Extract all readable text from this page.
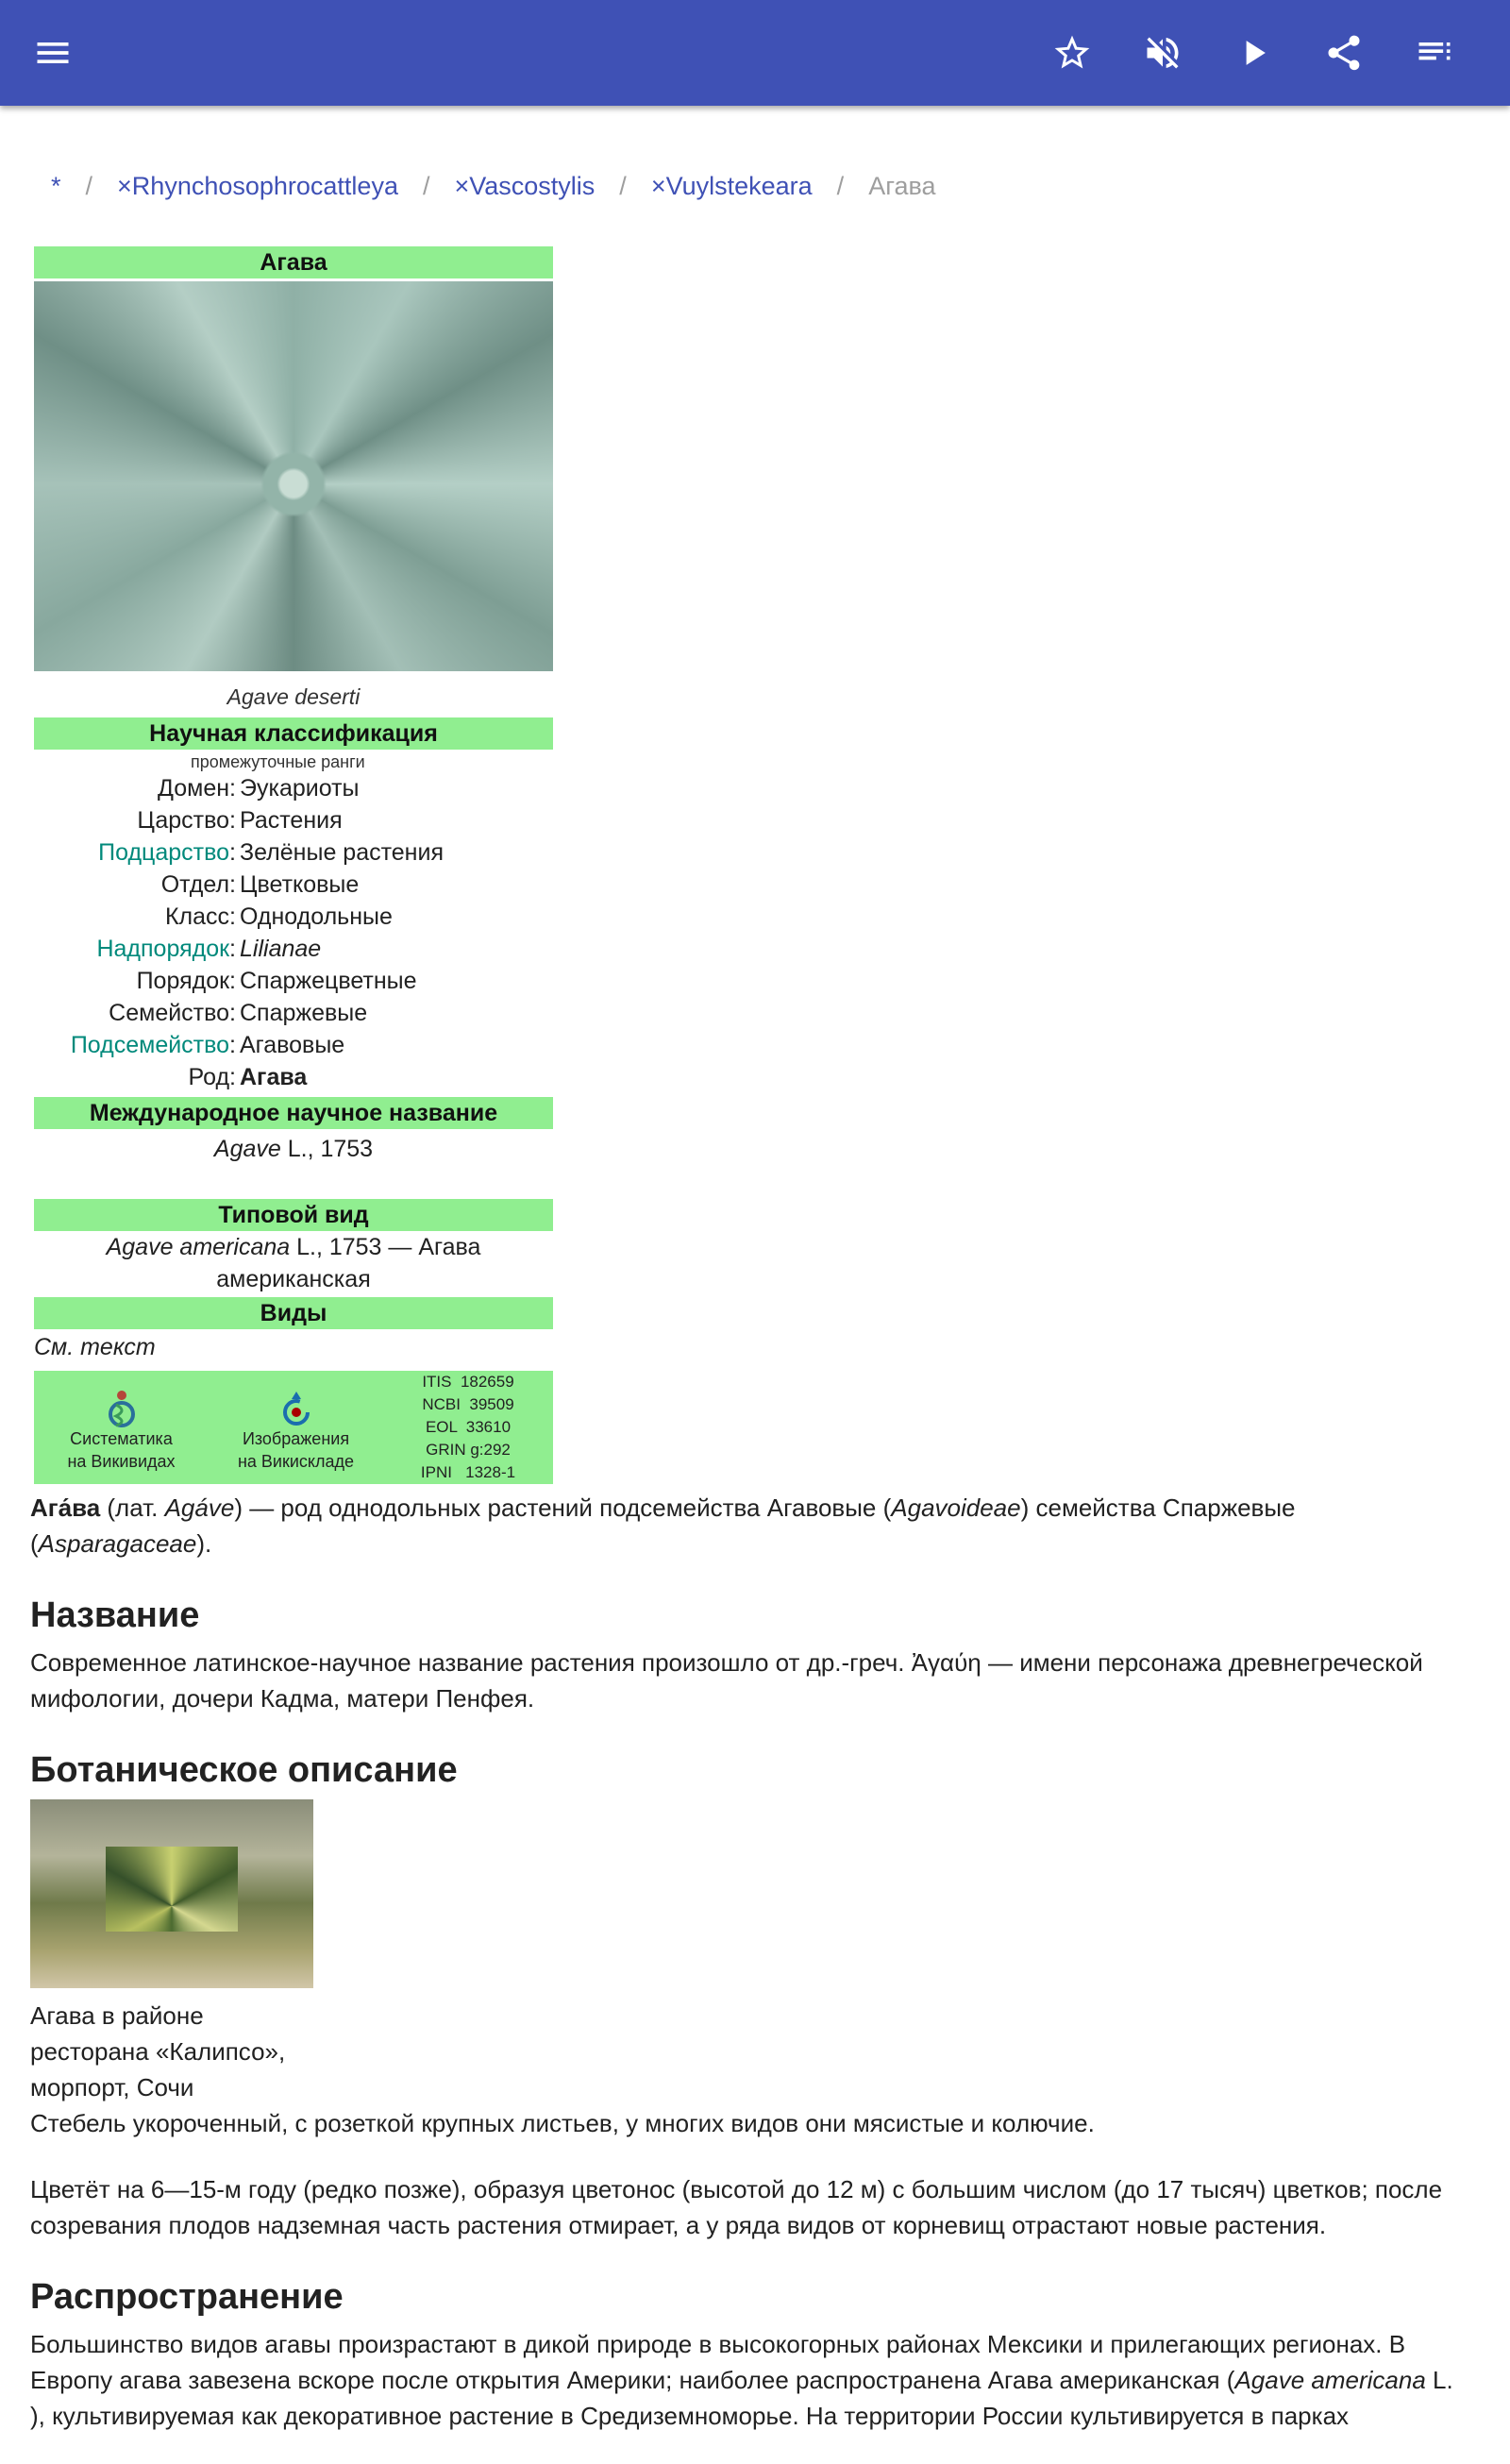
* / ×Rhynchosophrocattleya / ×Vascostylis / ×Vuylstekeara / Агава
Агава
Agave deserti
Научная классификация
промежуточные ранги
Домен: Эукариоты
Царство: Растения
Подцарство: Зелёные растения
Отдел: Цветковые
Класс: Однодольные
Надпорядок: Lilianae
Порядок: Спаржецветные
Семейство: Спаржевые
Подсемейство: Агавовые
Род: Агава
Международное научное название
Agave L., 1753
Типовой вид
Agave americana L., 1753 — Агава американская
Виды
См. текст
Систематика
на Викивидах
Изображения
на Викискладе
ITIS  182659
NCBI  39509
EOL  33610
GRIN g:292
IPNI   1328-1

Ага́ва (лат. Agáve) — род однодольных растений подсемейства Агавовые (Agavoideae) семейства Спаржевые (Asparagaceae).

Название

Современное латинское-научное название растения произошло от др.-греч. Ἀγαύη — имени персонажа древнегреческой мифологии, дочери Кадма, матери Пенфея.

Ботаническое описание
Агава в районе
ресторана «Калипсо»,
морпорт, Сочи

Стебель укороченный, с розеткой крупных листьев, у многих видов они мясистые и колючие.

Цветёт на 6—15-м году (редко позже), образуя цветонос (высотой до 12 м) с большим числом (до 17 тысяч) цветков; после созревания плодов надземная часть растения отмирает, а у ряда видов от корневищ отрастают новые растения.

Распространение

Большинство видов агавы произрастают в дикой природе в высокогорных районах Мексики и прилегающих регионах. В Европу агава завезена вскоре после открытия Америки; наиболее распространена Агава американская (Agave americana L. ), культивируемая как декоративное растение в Средиземноморье. На территории России культивируется в парках
